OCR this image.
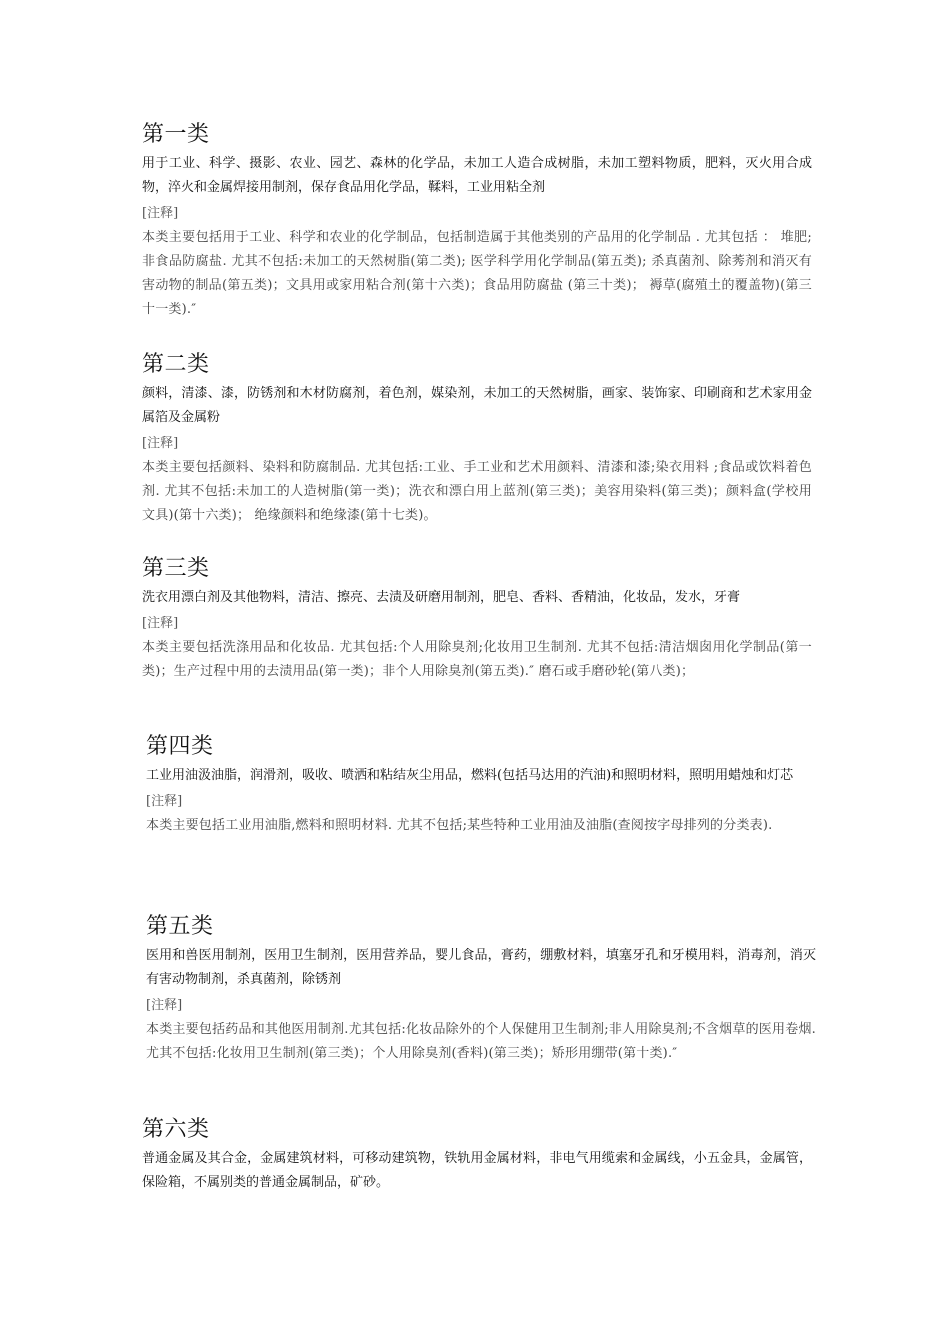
第一类

用于工业、科学、摄影、农业、园艺、森林的化学品，未加工人造合成树脂，未加工塑料物质，肥料，灭火用合成物，淬火和金属焊接用制剂，保存食品用化学品，鞣料，工业用粘全剂

[注释]

本类主要包括用于工业、科学和农业的化学制品，包括制造属于其他类别的产品用的化学制品 . 尤其包括 ： 堆肥;非食品防腐盐. 尤其不包括:未加工的天然树脂(第二类); 医学科学用化学制品(第五类); 杀真菌剂、除莠剂和消灭有害动物的制品(第五类)；文具用或家用粘合剂(第十六类)；食品用防腐盐 (第三十类)； 褥草(腐殖土的覆盖物)(第三十一类).″

第二类

颜料，清漆、漆，防锈剂和木材防腐剂，着色剂，媒染剂，未加工的天然树脂，画家、装饰家、印刷商和艺术家用金属箔及金属粉

[注释]

本类主要包括颜料、染料和防腐制品. 尤其包括:工业、手工业和艺术用颜料、清漆和漆;染衣用料 ;食品或饮料着色剂. 尤其不包括:未加工的人造树脂(第一类)；洗衣和漂白用上蓝剂(第三类)；美容用染料(第三类)；颜料盒(学校用文具)(第十六类)； 绝缘颜料和绝缘漆(第十七类)。

第三类

洗衣用漂白剂及其他物料，清洁、擦亮、去渍及研磨用制剂，肥皂、香料、香精油，化妆品，发水，牙膏

[注释]

本类主要包括洗涤用品和化妆品. 尤其包括:个人用除臭剂;化妆用卫生制剂. 尤其不包括:清洁烟囱用化学制品(第一类)；生产过程中用的去渍用品(第一类)；非个人用除臭剂(第五类).″ 磨石或手磨砂轮(第八类)；

第四类

工业用油汲油脂，润滑剂，吸收、喷洒和粘结灰尘用品，燃料(包括马达用的汽油)和照明材料，照明用蜡烛和灯芯

[注释]

本类主要包括工业用油脂,燃料和照明材料. 尤其不包括;某些特种工业用油及油脂(查阅按字母排列的分类表).

第五类

医用和兽医用制剂，医用卫生制剂，医用营养品，婴儿食品，膏药，绷敷材料，填塞牙孔和牙模用料，消毒剂，消灭有害动物制剂，杀真菌剂，除锈剂

[注释]

本类主要包括药品和其他医用制剂.尤其包括:化妆品除外的个人保健用卫生制剂;非人用除臭剂;不含烟草的医用卷烟. 尤其不包括:化妆用卫生制剂(第三类)；个人用除臭剂(香料)(第三类)；矫形用绷带(第十类).″

第六类

普通金属及其合金，金属建筑材料，可移动建筑物，铁轨用金属材料，非电气用缆索和金属线，小五金具，金属管，保险箱，不属别类的普通金属制品，矿砂。
